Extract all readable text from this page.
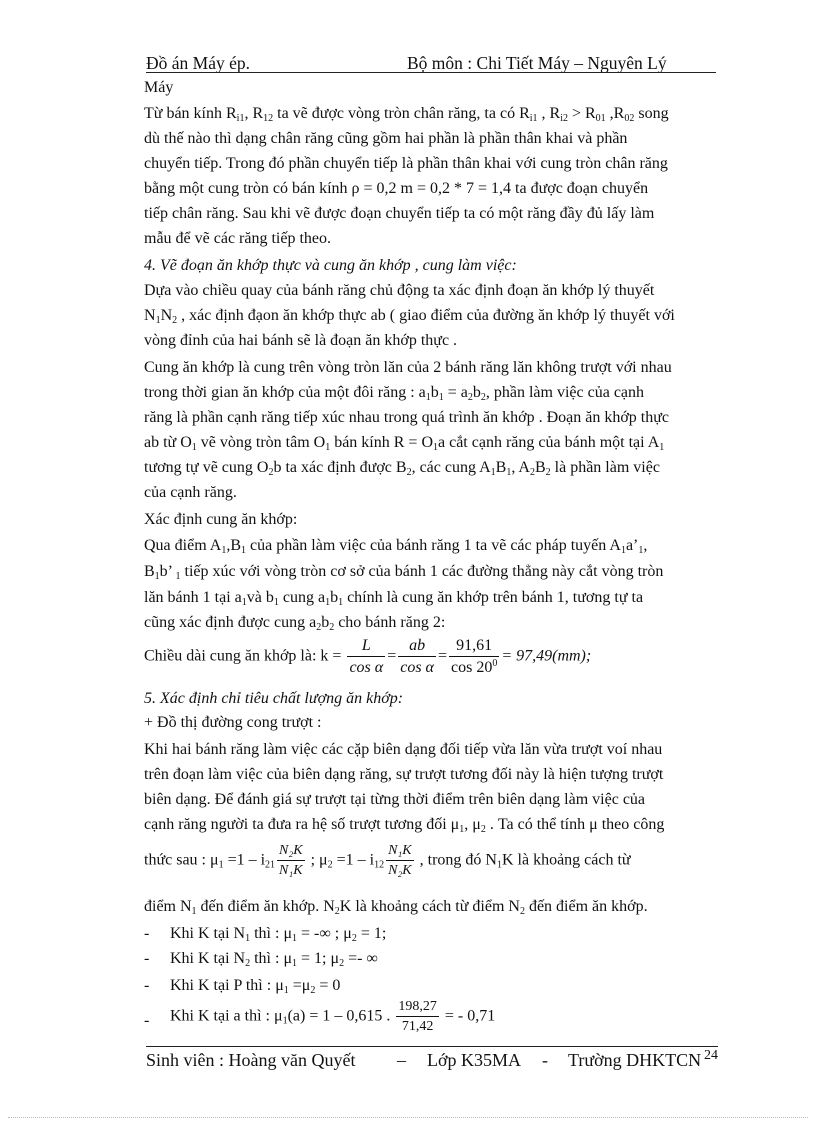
Đồ án Máy ép.	Bộ môn : Chi Tiết Máy – Nguyên Lý
Máy
Từ bán kính $R_{i1}$, $R_{12}$ ta vẽ được vòng tròn chân răng, ta có $R_{i1}$ , $R_{i2} > R_{01}$ $,R_{02}$ song
dù thế nào thì dạng chân răng cũng gồm hai phần là phần thân khai và phần
chuyển tiếp. Trong đó phần chuyển tiếp là phần thân khai với cung tròn chân răng
bằng một cung tròn có bán kính ρ = 0,2 m = 0,2 * 7 = 1,4 ta được đoạn chuyển
tiếp chân răng. Sau khi vẽ được đoạn chuyển tiếp ta có một răng đầy đủ lấy làm
mẫu để vẽ các răng tiếp theo.
4. Vẽ đoạn ăn khớp thực và cung ăn khớp , cung làm việc:
Dựa vào chiều quay của bánh răng chủ động ta xác định đoạn ăn khớp lý thuyết
$N_1N_2$ , xác định đạon ăn khớp thực ab ( giao điểm của đường ăn khớp lý thuyết với
vòng đỉnh của hai bánh sẽ là đoạn ăn khớp thực .
Cung ăn khớp là cung trên vòng tròn lăn của 2 bánh răng lăn không trượt với nhau
trong thời gian ăn khớp của một đôi răng : $a_1b_1 = a_2b_2$, phần làm việc của cạnh
răng là phần cạnh răng tiếp xúc nhau trong quá trình ăn khớp . Đoạn ăn khớp thực
ab từ $O_1$ vẽ vòng tròn tâm $O_1$ bán kính $R = O_1a$ cắt cạnh răng của bánh một tại $A_1$
tương tự vẽ cung $O_2b$ ta xác định được $B_2$, các cung $A_1B_1$, $A_2B_2$ là phần làm việc
của cạnh răng.
Xác định cung ăn khớp:
Qua điểm $A_1,B_1$ của phần làm việc của bánh răng 1 ta vẽ các pháp tuyến $A_1a’_1$,
$B_1b$’ $_1$ tiếp xúc với vòng tròn cơ sở của bánh 1 các đường thẳng này cắt vòng tròn
lăn bánh 1 tại $a_1và$ $b_1$ cung $a_1b_1$ chính là cung ăn khớp trên bánh 1, tương tự ta
cũng xác định được cung $a_2b_2$ cho bánh răng 2:
Chiều dài cung ăn khớp là: $k = \frac{L}{\text{cos α}} = \frac{ab}{\text{cos α}} = \frac{91,61}{\cos 20^0} = 97,49(mm)$;
5. Xác định chỉ tiêu chất lượng ăn khớp:
+ Đồ thị đường cong trượt :
Khi hai bánh răng làm việc các cặp biên dạng đối tiếp vừa lăn vừa trượt voí nhau
trên đoạn làm việc của biên dạng răng, sự trượt tương đối này là hiện tượng trượt
biên dạng. Để đánh giá sự trượt tại từng thời điểm trên biên dạng làm việc của
cạnh răng người ta đưa ra hệ số trượt tương đối $\mu_1$, $\mu_2$ . Ta có thể tính μ theo công
thức sau : $\mu_1 =1 - i_{21} \frac{\text{N₂K}}{\text{N₁K}}$ ; $\mu_2 =1 - i_{12} \frac{\text{N₁K}}{\text{N₂K}}$ , trong đó $N_1K$ là khoảng cách từ
điểm $N_1$ đến điểm ăn khớp. $N_2K$ là khoảng cách từ điểm $N_2$ đến điểm ăn khớp.
- Khi K tại $N_1$ thì : $\mu_1$ = -∞ ; $\mu_2 = 1$;
- Khi K tại $N_2$ thì : $\mu_1 = 1$; $\mu_2$ =- ∞
- Khi K tại P thì : $\mu_1 =\mu_2 = 0$
- Khi K tại a thì : $\mu_1(a) = 1 - 0,615$ . $\frac{198,27}{71,42}$ = - 0,71
Sinh viên : Hoàng văn Quyết – Lớp K35MA - Trường DHKTCN 24
